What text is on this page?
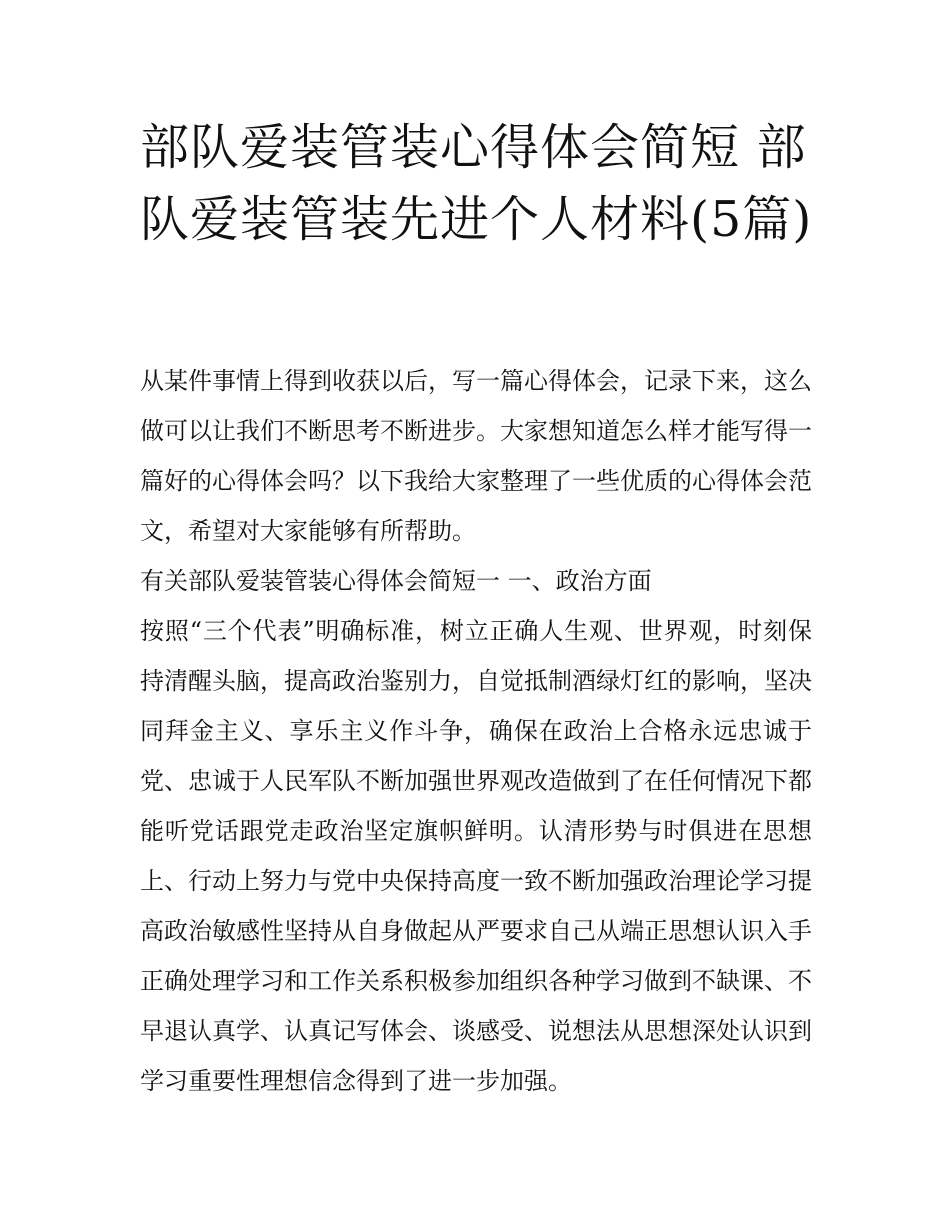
部队爱装管装心得体会简短 部队爱装管装先进个人材料(5篇)

从某件事情上得到收获以后，写一篇心得体会，记录下来，这么做可以让我们不断思考不断进步。大家想知道怎么样才能写得一篇好的心得体会吗？以下我给大家整理了一些优质的心得体会范文，希望对大家能够有所帮助。

有关部队爱装管装心得体会简短一 一、政治方面

按照“三个代表”明确标准，树立正确人生观、世界观，时刻保持清醒头脑，提高政治鉴别力，自觉抵制酒绿灯红的影响，坚决同拜金主义、享乐主义作斗争，确保在政治上合格永远忠诚于党、忠诚于人民军队不断加强世界观改造做到了在任何情况下都能听党话跟党走政治坚定旗帜鲜明。认清形势与时俱进在思想上、行动上努力与党中央保持高度一致不断加强政治理论学习提高政治敏感性坚持从自身做起从严要求自己从端正思想认识入手正确处理学习和工作关系积极参加组织各种学习做到不缺课、不早退认真学、认真记写体会、谈感受、说想法从思想深处认识到学习重要性理想信念得到了进一步加强。
